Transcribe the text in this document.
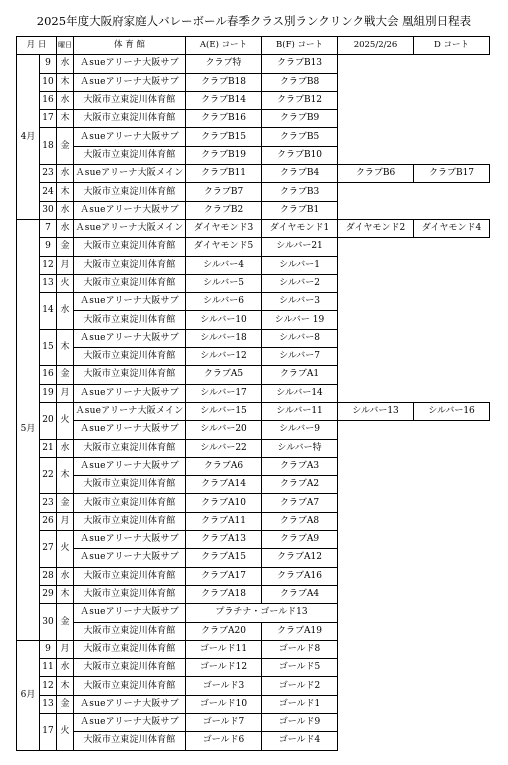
2025年度大阪府家庭人バレーボール春季クラス別ランクリンク戦大会 凰組別日程表
月 日		曜日	体 育 館	A(E) コート	B(F) コート	2025/2/26	D コート
4月	9	水	Ａsueアリーナ大阪サブ	クラブ特	クラブB13		
	10	木	Ａsueアリーナ大阪サブ	クラブB18	クラブB8		
	16	水	大阪市立東淀川体育館	クラブB14	クラブB12		
	17	木	大阪市立東淀川体育館	クラブB16	クラブB9		
	18	金	Ａsueアリーナ大阪サブ	クラブB15	クラブB5		
			大阪市立東淀川体育館	クラブB19	クラブB10		
	23	水	Ａsueアリーナ大阪メイン	クラブB11	クラブB4	クラブB6	クラブB17
	24	木	大阪市立東淀川体育館	クラブB7	クラブB3		
	30	水	Ａsueアリーナ大阪サブ	クラブB2	クラブB1		
5月	7	水	Ａsueアリーナ大阪メイン	ダイヤモンド3	ダイヤモンド1	ダイヤモンド2	ダイヤモンド4
	9	金	大阪市立東淀川体育館	ダイヤモンド5	シルバー21		
	12	月	大阪市立東淀川体育館	シルバー4	シルバー1		
	13	火	大阪市立東淀川体育館	シルバー5	シルバー2		
	14	水	Ａsueアリーナ大阪サブ	シルバー6	シルバー3		
			大阪市立東淀川体育館	シルバー10	シルバー 19		
	15	木	Ａsueアリーナ大阪サブ	シルバー18	シルバー8		
			大阪市立東淀川体育館	シルバー12	シルバー7		
	16	金	大阪市立東淀川体育館	クラブA5	クラブA1		
	19	月	Ａsueアリーナ大阪サブ	シルバー17	シルバー14		
	20	火	Ａsueアリーナ大阪メイン	シルバー15	シルバー11	シルバー13	シルバー16
			Ａsueアリーナ大阪サブ	シルバー20	シルバー9		
	21	水	大阪市立東淀川体育館	シルバー22	シルバー特		
	22	木	Ａsueアリーナ大阪サブ	クラブA6	クラブA3		
			大阪市立東淀川体育館	クラブA14	クラブA2		
	23	金	大阪市立東淀川体育館	クラブA10	クラブA7		
	26	月	大阪市立東淀川体育館	クラブA11	クラブA8		
	27	火	Ａsueアリーナ大阪サブ	クラブA13	クラブA9		
			Ａsueアリーナ大阪サブ	クラブA15	クラブA12		
	28	水	大阪市立東淀川体育館	クラブA17	クラブA16		
	29	木	大阪市立東淀川体育館	クラブA18	クラブA4		
	30	金	Ａsueアリーナ大阪サブ	プラチナ・ゴールド13			
			大阪市立東淀川体育館	クラブA20	クラブA19		
6月	9	月	大阪市立東淀川体育館	ゴールド11	ゴールド8		
	11	水	大阪市立東淀川体育館	ゴールド12	ゴールド5		
	12	木	大阪市立東淀川体育館	ゴールド3	ゴールド2		
	13	金	Ａsueアリーナ大阪サブ	ゴールド10	ゴールド1		
	17	火	Ａsueアリーナ大阪サブ	ゴールド7	ゴールド9		
			大阪市立東淀川体育館	ゴールド6	ゴールド4		
